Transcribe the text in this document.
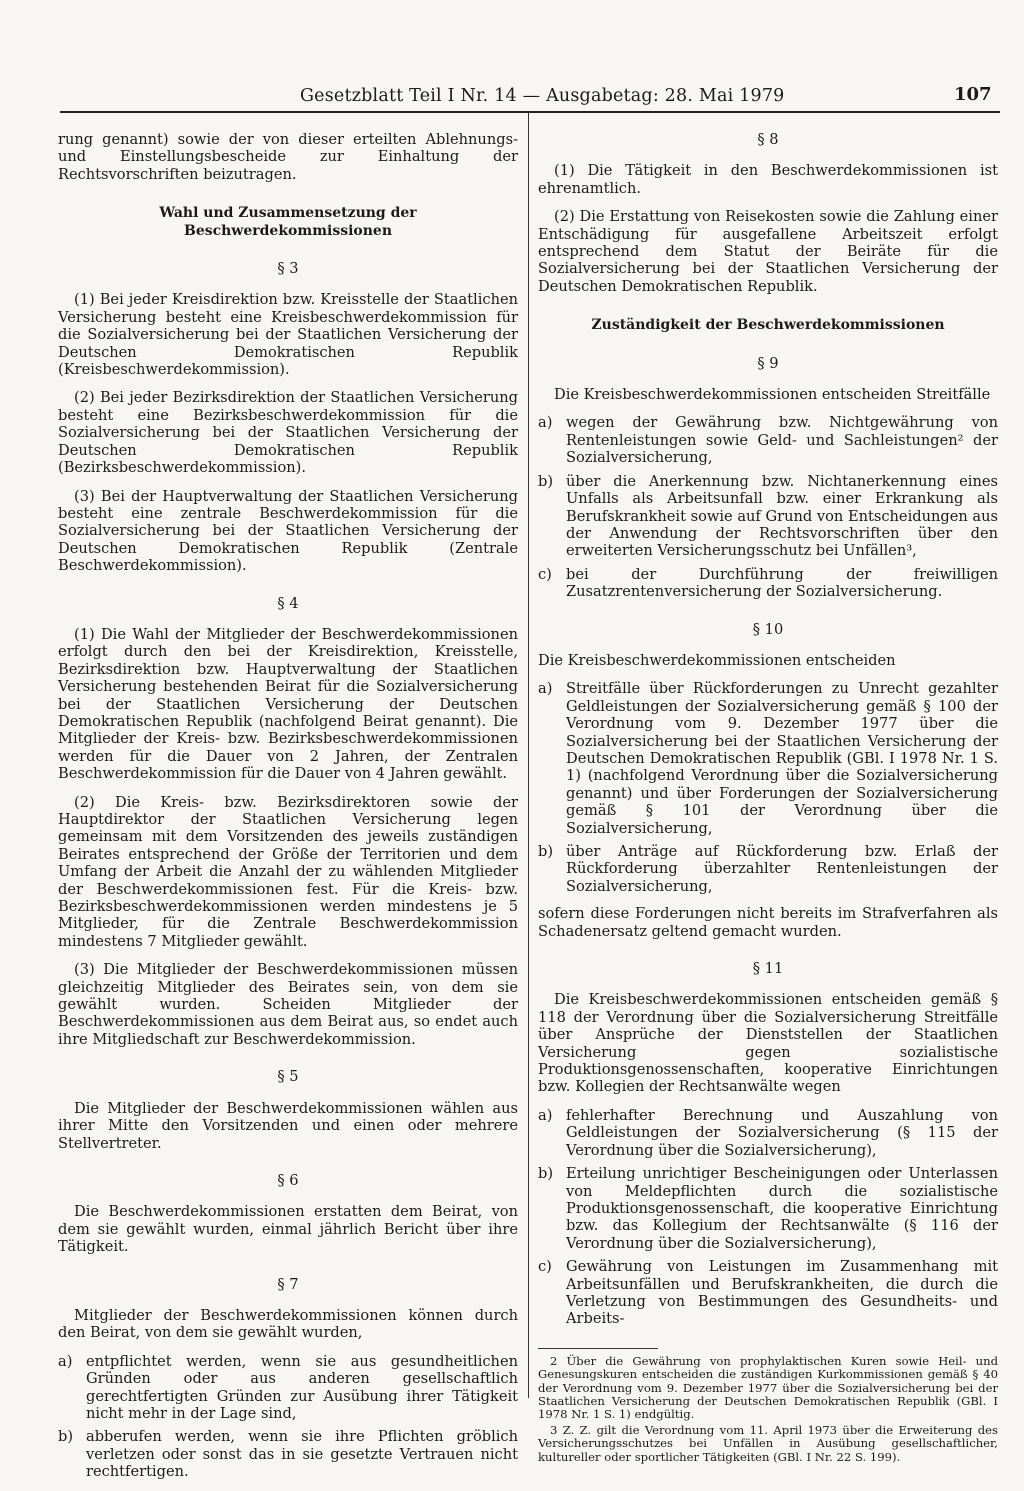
Gesetzblatt Teil I Nr. 14 — Ausgabetag: 28. Mai 1979	107

rung genannt) sowie der von dieser erteilten Ablehnungs- und Einstellungsbescheide zur Einhaltung der Rechtsvorschriften beizutragen.

Wahl und Zusammensetzung der Beschwerdekommissionen
§ 3

(1) Bei jeder Kreisdirektion bzw. Kreisstelle der Staatlichen Versicherung besteht eine Kreisbeschwerdekommission für die Sozialversicherung bei der Staatlichen Versicherung der Deutschen Demokratischen Republik (Kreisbeschwerdekommission).

(2) Bei jeder Bezirksdirektion der Staatlichen Versicherung besteht eine Bezirksbeschwerdekommission für die Sozialversicherung bei der Staatlichen Versicherung der Deutschen Demokratischen Republik (Bezirksbeschwerdekommission).

(3) Bei der Hauptverwaltung der Staatlichen Versicherung besteht eine zentrale Beschwerdekommission für die Sozialversicherung bei der Staatlichen Versicherung der Deutschen Demokratischen Republik (Zentrale Beschwerdekommission).

§ 4

(1) Die Wahl der Mitglieder der Beschwerdekommissionen erfolgt durch den bei der Kreisdirektion, Kreisstelle, Bezirksdirektion bzw. Hauptverwaltung der Staatlichen Versicherung bestehenden Beirat für die Sozialversicherung bei der Staatlichen Versicherung der Deutschen Demokratischen Republik (nachfolgend Beirat genannt). Die Mitglieder der Kreis- bzw. Bezirksbeschwerdekommissionen werden für die Dauer von 2 Jahren, der Zentralen Beschwerdekommission für die Dauer von 4 Jahren gewählt.

(2) Die Kreis- bzw. Bezirksdirektoren sowie der Hauptdirektor der Staatlichen Versicherung legen gemeinsam mit dem Vorsitzenden des jeweils zuständigen Beirates entsprechend der Größe der Territorien und dem Umfang der Arbeit die Anzahl der zu wählenden Mitglieder der Beschwerdekommissionen fest. Für die Kreis- bzw. Bezirksbeschwerdekommissionen werden mindestens je 5 Mitglieder, für die Zentrale Beschwerdekommission mindestens 7 Mitglieder gewählt.

(3) Die Mitglieder der Beschwerdekommissionen müssen gleichzeitig Mitglieder des Beirates sein, von dem sie gewählt wurden. Scheiden Mitglieder der Beschwerdekommissionen aus dem Beirat aus, so endet auch ihre Mitgliedschaft zur Beschwerdekommission.

§ 5

Die Mitglieder der Beschwerdekommissionen wählen aus ihrer Mitte den Vorsitzenden und einen oder mehrere Stellvertreter.

§ 6

Die Beschwerdekommissionen erstatten dem Beirat, von dem sie gewählt wurden, einmal jährlich Bericht über ihre Tätigkeit.

§ 7

Mitglieder der Beschwerdekommissionen können durch den Beirat, von dem sie gewählt wurden,

a) entpflichtet werden, wenn sie aus gesundheitlichen Gründen oder aus anderen gesellschaftlich gerechtfertigten Gründen zur Ausübung ihrer Tätigkeit nicht mehr in der Lage sind,
b) abberufen werden, wenn sie ihre Pflichten gröblich verletzen oder sonst das in sie gesetzte Vertrauen nicht rechtfertigen.
§ 8

(1) Die Tätigkeit in den Beschwerdekommissionen ist ehrenamtlich.

(2) Die Erstattung von Reisekosten sowie die Zahlung einer Entschädigung für ausgefallene Arbeitszeit erfolgt entsprechend dem Statut der Beiräte für die Sozialversicherung bei der Staatlichen Versicherung der Deutschen Demokratischen Republik.

Zuständigkeit der Beschwerdekommissionen
§ 9

Die Kreisbeschwerdekommissionen entscheiden Streitfälle

a) wegen der Gewährung bzw. Nichtgewährung von Rentenleistungen sowie Geld- und Sachleistungen² der Sozialversicherung,
b) über die Anerkennung bzw. Nichtanerkennung eines Unfalls als Arbeitsunfall bzw. einer Erkrankung als Berufskrankheit sowie auf Grund von Entscheidungen aus der Anwendung der Rechtsvorschriften über den erweiterten Versicherungsschutz bei Unfällen³,
c) bei der Durchführung der freiwilligen Zusatzrentenversicherung der Sozialversicherung.
§ 10

Die Kreisbeschwerdekommissionen entscheiden

a) Streitfälle über Rückforderungen zu Unrecht gezahlter Geldleistungen der Sozialversicherung gemäß § 100 der Verordnung vom 9. Dezember 1977 über die Sozialversicherung bei der Staatlichen Versicherung der Deutschen Demokratischen Republik (GBl. I 1978 Nr. 1 S. 1) (nachfolgend Verordnung über die Sozialversicherung genannt) und über Forderungen der Sozialversicherung gemäß § 101 der Verordnung über die Sozialversicherung,
b) über Anträge auf Rückforderung bzw. Erlaß der Rückforderung überzahlter Rentenleistungen der Sozialversicherung,

sofern diese Forderungen nicht bereits im Strafverfahren als Schadenersatz geltend gemacht wurden.

§ 11

Die Kreisbeschwerdekommissionen entscheiden gemäß § 118 der Verordnung über die Sozialversicherung Streitfälle über Ansprüche der Dienststellen der Staatlichen Versicherung gegen sozialistische Produktionsgenossenschaften, kooperative Einrichtungen bzw. Kollegien der Rechtsanwälte wegen

a) fehlerhafter Berechnung und Auszahlung von Geldleistungen der Sozialversicherung (§ 115 der Verordnung über die Sozialversicherung),
b) Erteilung unrichtiger Bescheinigungen oder Unterlassen von Meldepflichten durch die sozialistische Produktionsgenossenschaft, die kooperative Einrichtung bzw. das Kollegium der Rechtsanwälte (§ 116 der Verordnung über die Sozialversicherung),
c) Gewährung von Leistungen im Zusammenhang mit Arbeitsunfällen und Berufskrankheiten, die durch die Verletzung von Bestimmungen des Gesundheits- und Arbeits-

2 Über die Gewährung von prophylaktischen Kuren sowie Heil- und Genesungskuren entscheiden die zuständigen Kurkommissionen gemäß § 40 der Verordnung vom 9. Dezember 1977 über die Sozialversicherung bei der Staatlichen Versicherung der Deutschen Demokratischen Republik (GBl. I 1978 Nr. 1 S. 1) endgültig.

3 Z. Z. gilt die Verordnung vom 11. April 1973 über die Erweiterung des Versicherungsschutzes bei Unfällen in Ausübung gesellschaftlicher, kultureller oder sportlicher Tätigkeiten (GBl. I Nr. 22 S. 199).
